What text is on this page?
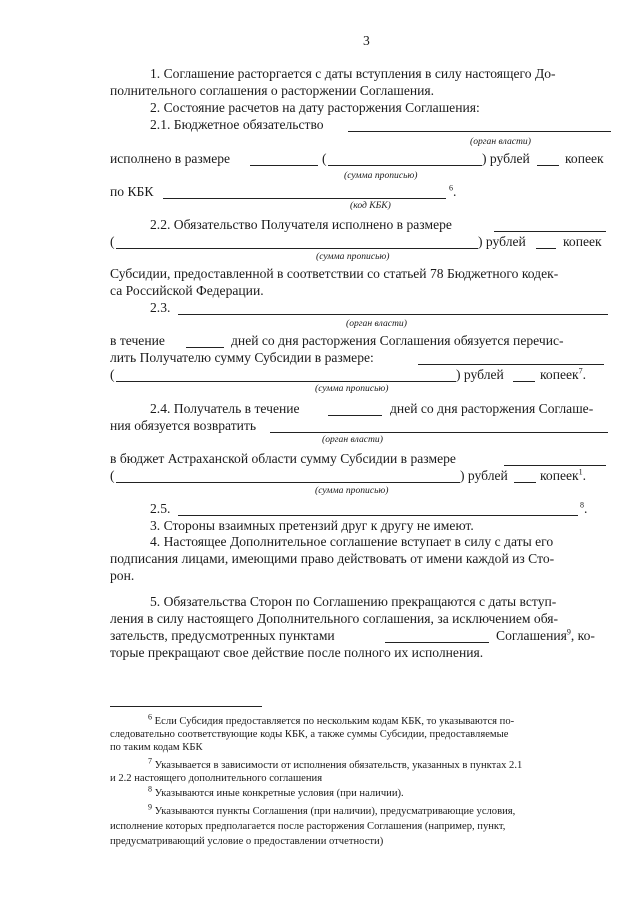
3
1. Соглашение расторгается с даты вступления в силу настоящего До-
полнительного соглашения о расторжении Соглашения.
2. Состояние расчетов на дату расторжения Соглашения:
2.1. Бюджетное обязательство
(орган власти)
исполнено в размере	(	) рублей	копеек
(сумма прописью)
по КБК	$^6$.
(код КБК)
2.2. Обязательство Получателя исполнено в размере
(	) рублей	копеек
(сумма прописью)
Субсидии, предоставленной в соответствии со статьей 78 Бюджетного кодек-
са Российской Федерации.
2.3.
(орган власти)
в течение	дней со дня расторжения Соглашения обязуется перечис-
лить Получателю сумму Субсидии в размере:
(	) рублей	копеек$^7$.
(сумма прописью)
2.4. Получатель в течение	дней со дня расторжения Соглаше-
ния обязуется возвратить
(орган власти)
в бюджет Астраханской области сумму Субсидии в размере
(	) рублей копеек$^1$.
(сумма прописью)
2.5.	$^8$.
3. Стороны взаимных претензий друг к другу не имеют.
4. Настоящее Дополнительное соглашение вступает в силу с даты его
подписания лицами, имеющими право действовать от имени каждой из Сто-
рон.
5. Обязательства Сторон по Соглашению прекращаются с даты вступ-
ления в силу настоящего Дополнительного соглашения, за исключением обя-
зательств, предусмотренных пунктами	Соглашения$^9$, ко-
торые прекращают свое действие после полного их исполнения.
$^6$ Если Субсидия предоставляется по нескольким кодам КБК, то указываются по-
следовательно соответствующие коды КБК, а также суммы Субсидии, предоставляемые
по таким кодам КБК
$^7$ Указывается в зависимости от исполнения обязательств, указанных в пунктах 2.1
и 2.2 настоящего дополнительного соглашения
$^8$ Указываются иные конкретные условия (при наличии).
$^9$ Указываются пункты Соглашения (при наличии), предусматривающие условия,
исполнение которых предполагается после расторжения Соглашения (например, пункт,
предусматривающий условие о предоставлении отчетности)
